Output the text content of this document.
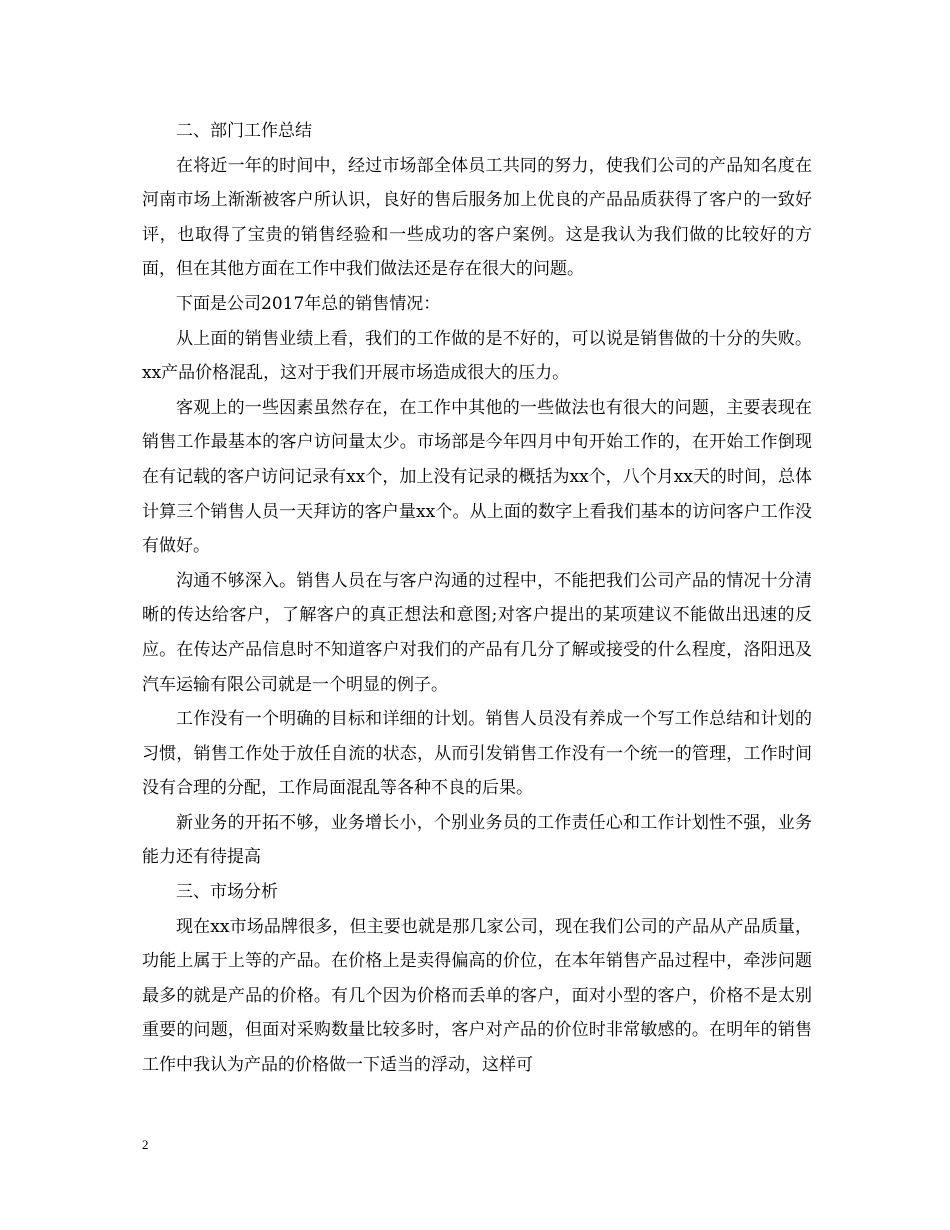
二、部门工作总结

在将近一年的时间中，经过市场部全体员工共同的努力，使我们公司的产品知名度在河南市场上渐渐被客户所认识，良好的售后服务加上优良的产品品质获得了客户的一致好评，也取得了宝贵的销售经验和一些成功的客户案例。这是我认为我们做的比较好的方面，但在其他方面在工作中我们做法还是存在很大的问题。

下面是公司2017年总的销售情况：

从上面的销售业绩上看，我们的工作做的是不好的，可以说是销售做的十分的失败。xx产品价格混乱，这对于我们开展市场造成很大的压力。

客观上的一些因素虽然存在，在工作中其他的一些做法也有很大的问题，主要表现在销售工作最基本的客户访问量太少。市场部是今年四月中旬开始工作的，在开始工作倒现在有记载的客户访问记录有xx个，加上没有记录的概括为xx个，八个月xx天的时间，总体计算三个销售人员一天拜访的客户量xx个。从上面的数字上看我们基本的访问客户工作没有做好。

沟通不够深入。销售人员在与客户沟通的过程中，不能把我们公司产品的情况十分清晰的传达给客户，了解客户的真正想法和意图;对客户提出的某项建议不能做出迅速的反应。在传达产品信息时不知道客户对我们的产品有几分了解或接受的什么程度，洛阳迅及汽车运输有限公司就是一个明显的例子。

工作没有一个明确的目标和详细的计划。销售人员没有养成一个写工作总结和计划的习惯，销售工作处于放任自流的状态，从而引发销售工作没有一个统一的管理，工作时间没有合理的分配，工作局面混乱等各种不良的后果。

新业务的开拓不够，业务增长小，个别业务员的工作责任心和工作计划性不强，业务能力还有待提高

三、市场分析

现在xx市场品牌很多，但主要也就是那几家公司，现在我们公司的产品从产品质量，功能上属于上等的产品。在价格上是卖得偏高的价位，在本年销售产品过程中，牵涉问题最多的就是产品的价格。有几个因为价格而丢单的客户，面对小型的客户，价格不是太别重要的问题，但面对采购数量比较多时，客户对产品的价位时非常敏感的。在明年的销售工作中我认为产品的价格做一下适当的浮动，这样可

2
